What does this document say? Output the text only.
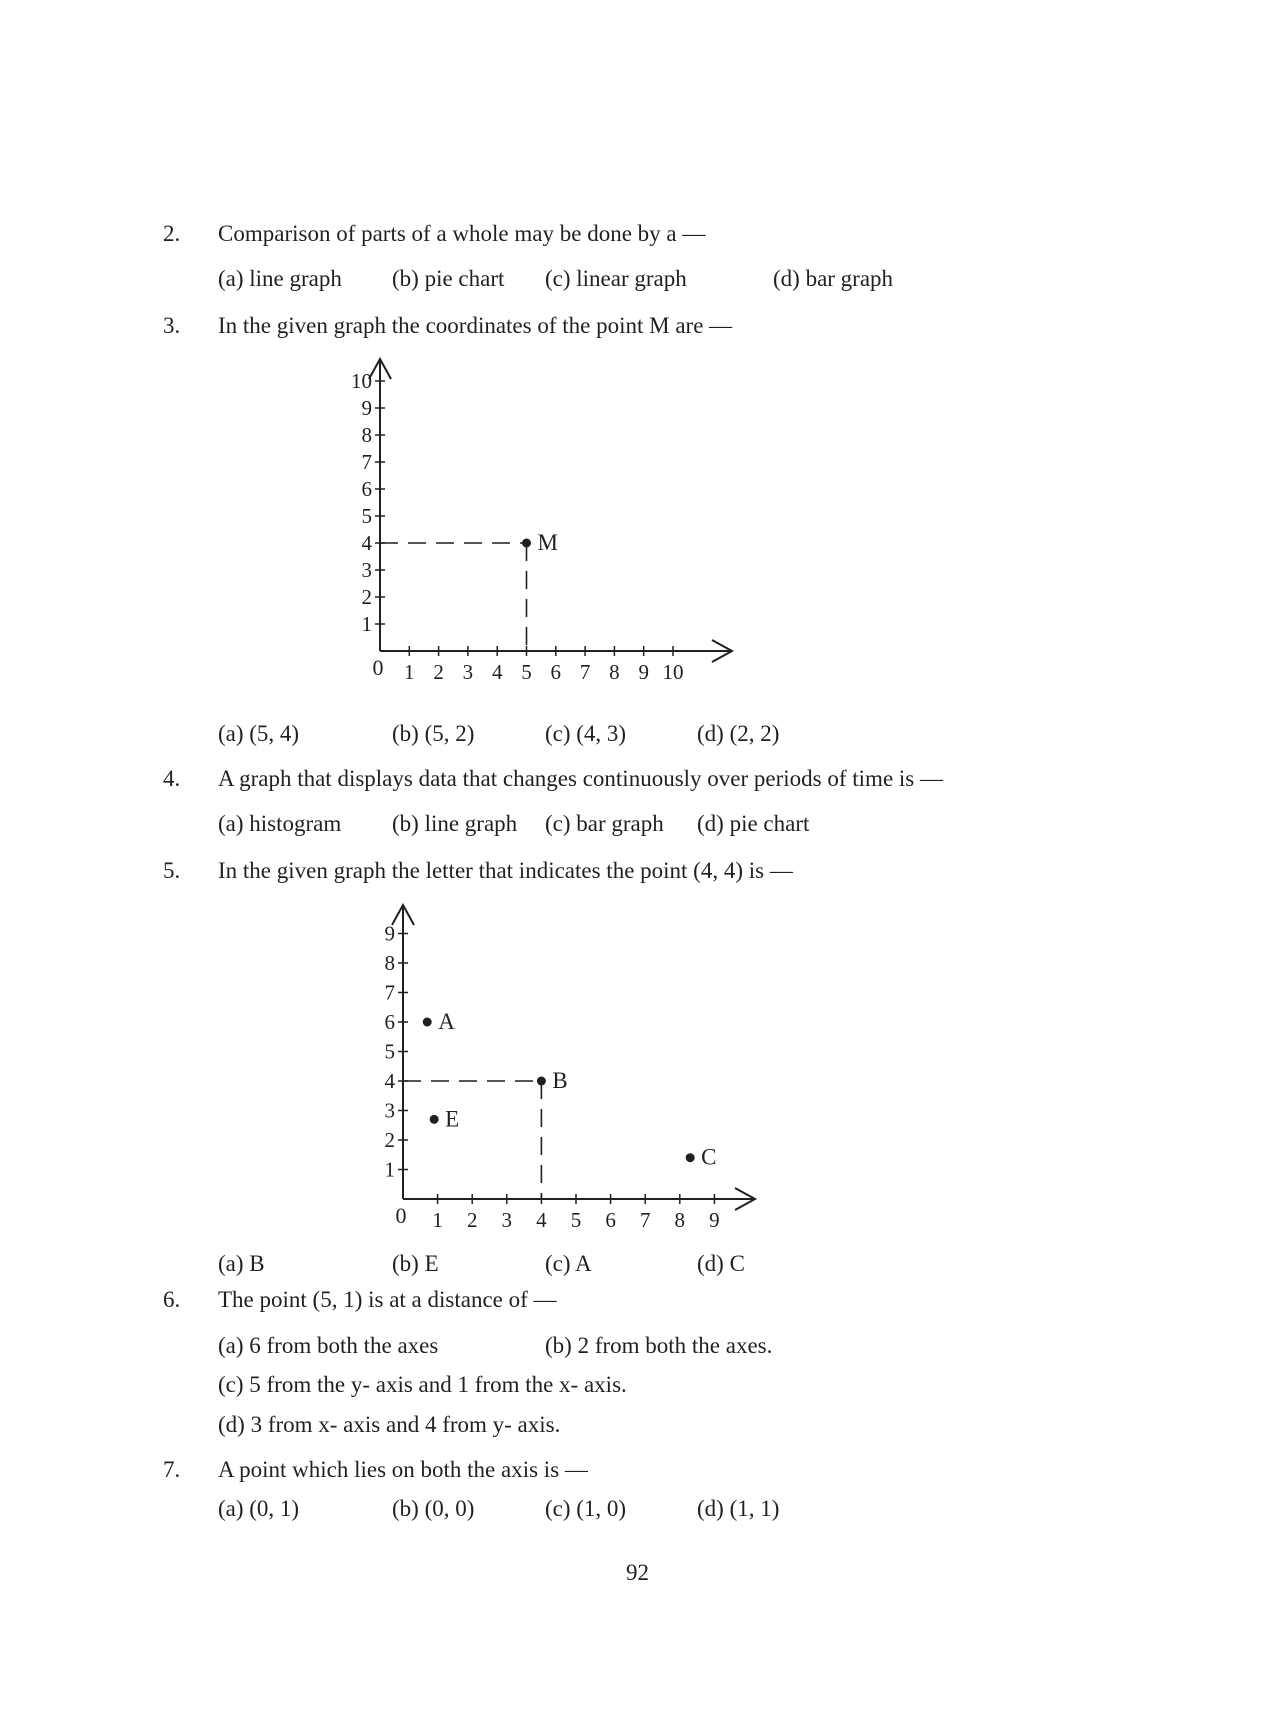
2. Comparison of parts of a whole may be done by a —
(a) line graph (b) pie chart (c) linear graph	(d) bar graph
3. In the given graph the coordinates of the point M are —
0 1 2 3 4 5 6 7 8 9 10
1
2
3
4
5
6
7
8
9
10
M
(a) (5, 4)	(b) (5, 2)	(c) (4, 3)	(d) (2, 2)
4. A graph that displays data that changes continuously over periods of time is —
(a) histogram (b) line graph (c) bar graph (d) pie chart
5. In the given graph the letter that indicates the point (4, 4) is —
0 1 2 3 4 5 6 7 8 9
1
2
3
4
5
6
7
8
9
A
B
E
C
(a) B	(b) E	(c) A	(d) C
6. The point (5, 1) is at a distance of —
(a) 6 from both the axes	(b) 2 from both the axes.
(c) 5 from the y- axis and 1 from the x- axis.
(d) 3 from x- axis and 4 from y- axis.
7. A point which lies on both the axis is —
(a) (0, 1)	(b) (0, 0)	(c) (1, 0)	(d) (1, 1)
92
